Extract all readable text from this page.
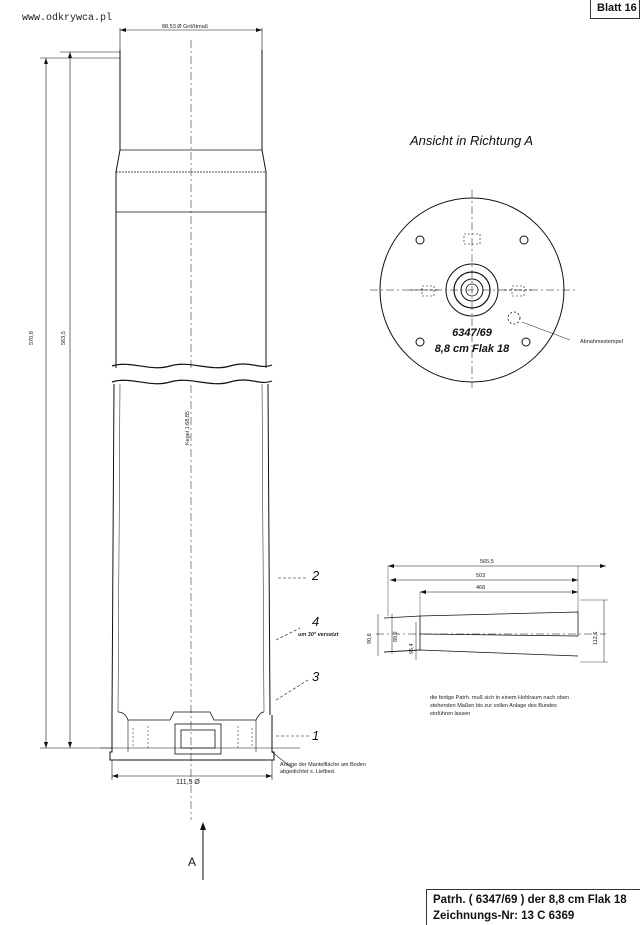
www.odkrywca.pl
Blatt 16
88,53 Ø Größtmaß
570,8	563,5
Kegel 1:68,85
111,5 Ø
Anlage der Mantelfläche am Boden abgedichtet s. Liefbed.
2
4
um 30° versetzt
3
1
A
Ansicht in Richtung A
6347/69
8,8 cm Flak 18
Abnahmestempel
565,5
503
468
90,6	89,2
95,4
112,6
die fertige Patrh. muß sich in einem Hohlraum nach oben stehenden Maßen bis zur vollen Anlage des Bundes einführen lassen
Patrh. ( 6347/69 ) der 8,8 cm Flak 18
Zeichnungs-Nr: 13 C 6369
